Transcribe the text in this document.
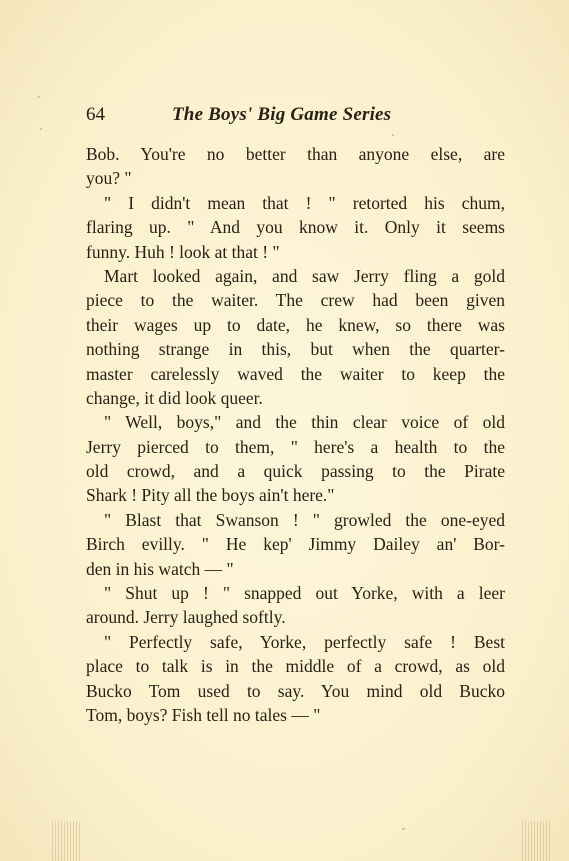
64	The Boys' Big Game Series
Bob. You're no better than anyone else, are
you? "
" I didn't mean that ! " retorted his chum,
flaring up. " And you know it. Only it seems
funny. Huh ! look at that ! "
Mart looked again, and saw Jerry fling a gold
piece to the waiter. The crew had been given
their wages up to date, he knew, so there was
nothing strange in this, but when the quarter-
master carelessly waved the waiter to keep the
change, it did look queer.
" Well, boys," and the thin clear voice of old
Jerry pierced to them, " here's a health to the
old crowd, and a quick passing to the Pirate
Shark ! Pity all the boys ain't here."
" Blast that Swanson ! " growled the one-eyed
Birch evilly. " He kep' Jimmy Dailey an' Bor-
den in his watch — "
" Shut up ! " snapped out Yorke, with a leer
around. Jerry laughed softly.
" Perfectly safe, Yorke, perfectly safe ! Best
place to talk is in the middle of a crowd, as old
Bucko Tom used to say. You mind old Bucko
Tom, boys? Fish tell no tales — "
